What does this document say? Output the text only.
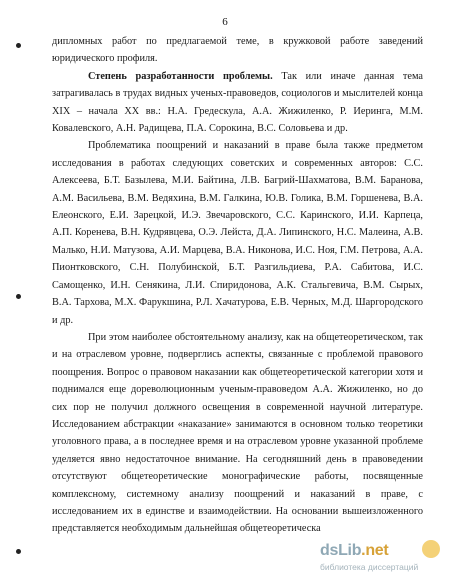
6

дипломных работ по предлагаемой теме, в кружковой работе заведений юридического профиля.

Степень разработанности проблемы. Так или иначе данная тема затрагивалась в трудах видных ученых-правоведов, социологов и мыслителей конца XIX – начала XX вв.: Н.А. Гредескула, А.А. Жижиленко, Р. Иеринга, М.М. Ковалевского, А.Н. Радищева, П.А. Сорокина, В.С. Соловьева и др.

Проблематика поощрений и наказаний в праве была также предметом исследования в работах следующих советских и современных авторов: С.С. Алексеева, Б.Т. Базылева, М.И. Байтина, Л.В. Багрий-Шахматова, В.М. Баранова, А.М. Васильева, В.М. Ведяхина, В.М. Галкина, Ю.В. Голика, В.М. Горшенева, В.А. Елеонского, Е.И. Зарецкой, И.Э. Звечаровского, С.С. Каринского, И.И. Карпеца, А.П. Коренева, В.Н. Кудрявцева, О.Э. Лейста, Д.А. Липинского, Н.С. Малеина, А.В. Малько, Н.И. Матузова, А.И. Марцева, В.А. Никонова, И.С. Ноя, Г.М. Петрова, А.А. Пионтковского, С.Н. Полубинской, Б.Т. Разгильдиева, Р.А. Сабитова, И.С. Самощенко, И.Н. Сенякина, Л.И. Спиридонова, А.К. Стальгевича, В.М. Сырых, В.А. Тархова, М.Х. Фарукшина, Р.Л. Хачатурова, Е.В. Черных, М.Д. Шаргородского и др.

При этом наиболее обстоятельному анализу, как на общетеоретическом, так и на отраслевом уровне, подверглись аспекты, связанные с проблемой правового поощрения. Вопрос о правовом наказании как общетеоретической категории хотя и поднимался еще дореволюционным ученым-правоведом А.А. Жижиленко, но до сих пор не получил должного освещения в современной научной литературе. Исследованием абстракции «наказание» занимаются в основном только теоретики уголовного права, а в последнее время и на отраслевом уровне указанной проблеме уделяется явно недостаточное внимание. На сегодняшний день в правоведении отсутствуют общетеоретические монографические работы, посвященные комплексному, системному анализу поощрений и наказаний в праве, с исследованием их в единстве и взаимодействии. На основании вышеизложенного представляется необходимым дальнейшая общетеоретическа

dsLib.net
библиотека диссертаций
